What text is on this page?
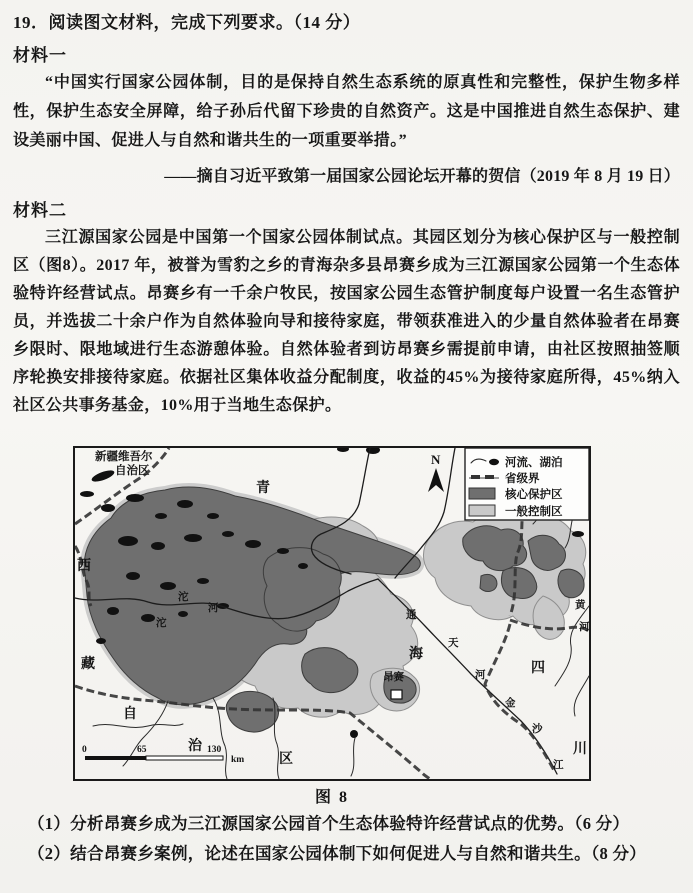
19．阅读图文材料，完成下列要求。（14 分）
材料一
“中国实行国家公园体制，目的是保持自然生态系统的原真性和完整性，保护生物多样性，保护生态安全屏障，给子孙后代留下珍贵的自然资产。这是中国推进自然生态保护、建设美丽中国、促进人与自然和谐共生的一项重要举措。”
——摘自习近平致第一届国家公园论坛开幕的贺信（2019 年 8 月 19 日）
材料二
三江源国家公园是中国第一个国家公园体制试点。其园区划分为核心保护区与一般控制区（图8）。2017 年，被誉为雪豹之乡的青海杂多县昂赛乡成为三江源国家公园第一个生态体验特许经营试点。昂赛乡有一千余户牧民，按国家公园生态管护制度每户设置一名生态管护员，并选拔二十余户作为自然体验向导和接待家庭，带领获准进入的少量自然体验者在昂赛乡限时、限地域进行生态游憩体验。自然体验者到访昂赛乡需提前申请，由社区按照抽签顺序轮换安排接待家庭。依据社区集体收益分配制度，收益的45%为接待家庭所得，45%纳入社区公共事务基金，10%用于当地生态保护。
新疆维吾尔
自治区
青
海
西
藏
自
治
区
四
川
沱
沱
河
通
天
河
金
沙
江
黄
河
昂赛
N	河流、湖泊
省级界
核心保护区
一般控制区
0	65	130
km
图 8
（1）分析昂赛乡成为三江源国家公园首个生态体验特许经营试点的优势。（6 分）
（2）结合昂赛乡案例，论述在国家公园体制下如何促进人与自然和谐共生。（8 分）
